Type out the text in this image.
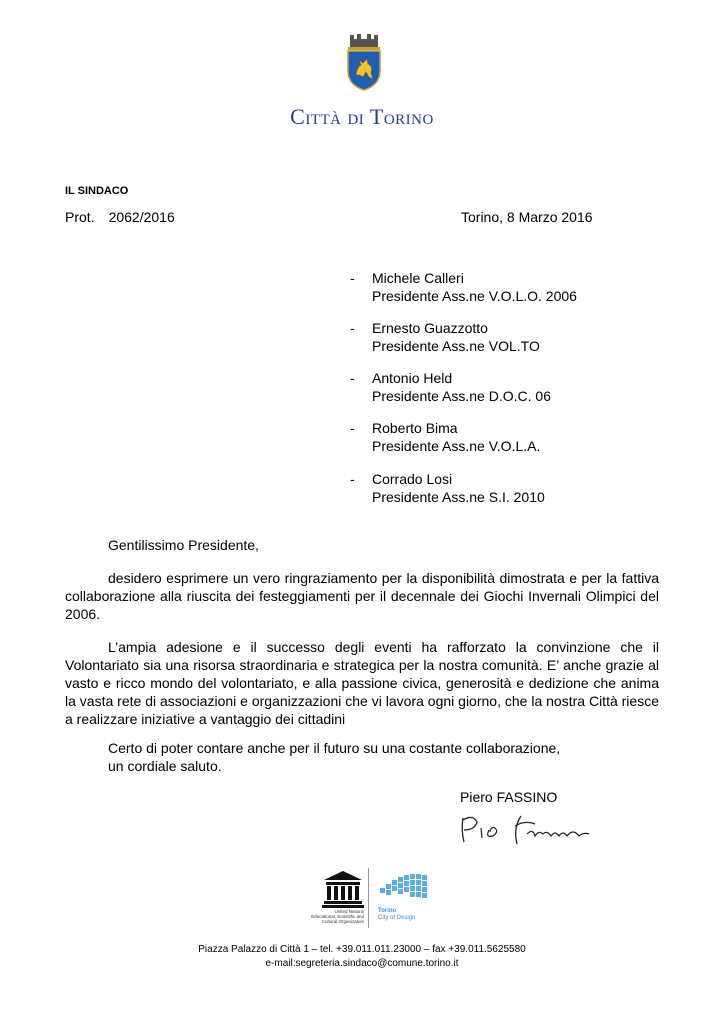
Città di Torino
IL SINDACO
Prot. 2062/2016	Torino, 8 Marzo 2016
- Michele Calleri
Presidente Ass.ne V.O.L.O. 2006
- Ernesto Guazzotto
Presidente Ass.ne VOL.TO
- Antonio Held
Presidente Ass.ne D.O.C. 06
- Roberto Bima
Presidente Ass.ne V.O.L.A.
- Corrado Losi
Presidente Ass.ne S.I. 2010
Gentilissimo Presidente,
desidero esprimere un vero ringraziamento per la disponibilità dimostrata e per la fattiva collaborazione alla riuscita dei festeggiamenti per il decennale dei Giochi Invernali Olimpici del 2006.
L’ampia adesione e il successo degli eventi ha rafforzato la convinzione che il Volontariato sia una risorsa straordinaria e strategica per la nostra comunità. E’ anche grazie al vasto e ricco mondo del volontariato, e alla passione civica, generosità e dedizione che anima la vasta rete di associazioni e organizzazioni che vi lavora ogni giorno, che la nostra Città riesce a realizzare iniziative a vantaggio dei cittadini
Certo di poter contare anche per il futuro su una costante collaborazione,
un cordiale saluto.
Piero FASSINO
United Nations
Educational, Scientific and
Cultural Organization
Torino
City of Design
Piazza Palazzo di Città 1 – tel. +39.011.011.23000 – fax +39.011.5625580
e-mail:segreteria.sindaco@comune.torino.it
